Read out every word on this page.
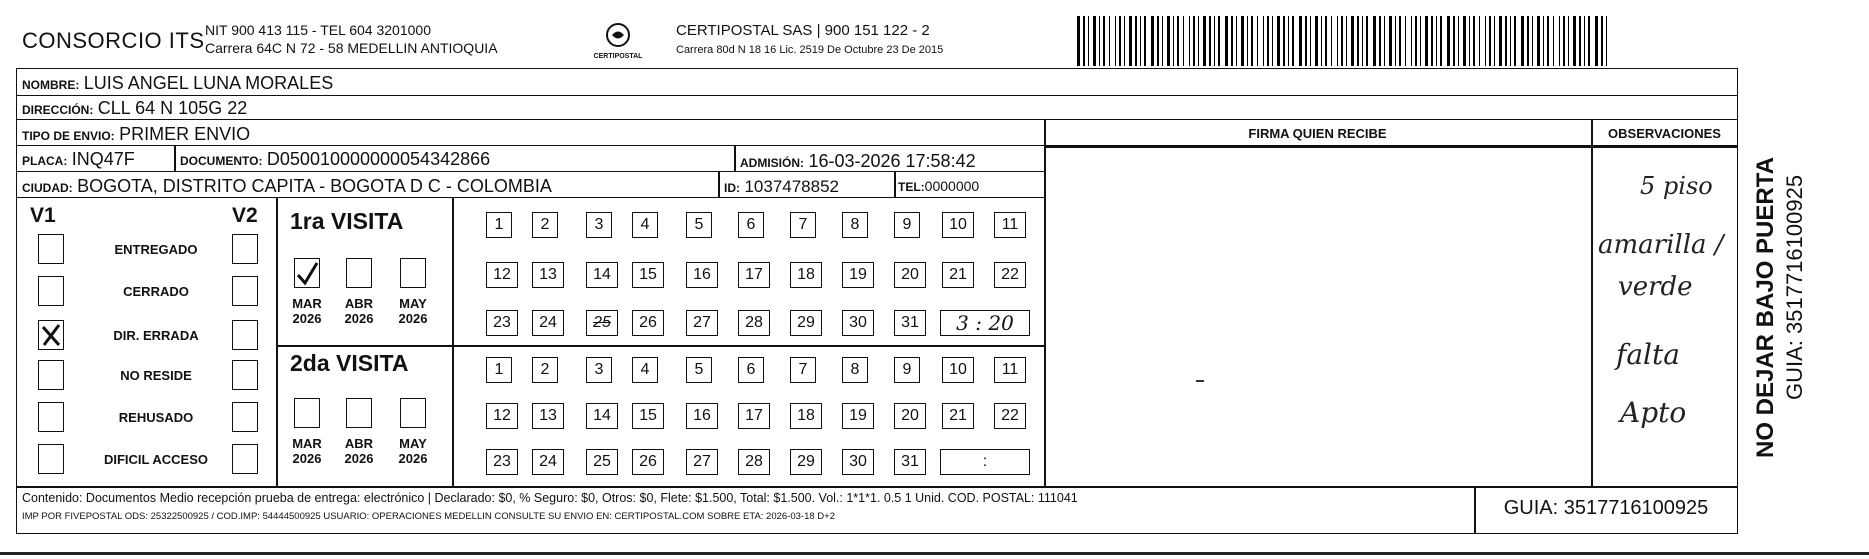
CONSORCIO ITS NIT 900 413 115 - TEL 604 3201000
Carrera 64C N 72 - 58 MEDELLIN ANTIOQUIA
CERTIPOSTAL
CERTIPOSTAL SAS | 900 151 122 - 2
Carrera 80d N 18 16 Lic. 2519 De Octubre 23 De 2015
NOMBRE: LUIS ANGEL LUNA MORALES
DIRECCIÓN: CLL 64 N 105G 22
TIPO DE ENVIO: PRIMER ENVIO
PLACA: INQ47F	DOCUMENTO: D050010000000054342866	ADMISIÓN: 16-03-2026 17:58:42
CIUDAD: BOGOTA, DISTRITO CAPITA - BOGOTA D C - COLOMBIA	ID: 1037478852	TEL:0000000
FIRMA QUIEN RECIBE	OBSERVACIONES
5 piso
amarilla /
verde
falta
Apto
V1	V2
ENTREGADO
CERRADO
DIR. ERRADA
NO RESIDE
REHUSADO
DIFICIL ACCESO
1ra VISITA
2da VISITA
MAR
2026
ABR
2026
MAY
2026
MAR
2026
ABR
2026
MAY
2026
1	2	3	4	5	6	7	8	9	10	11
12	13	14	15	16	17	18	19	20	21	22
23	24	25	26	27	28	29	30	31	3 : 20
1	2	3	4	5	6	7	8	9	10	11
12	13	14	15	16	17	18	19	20	21	22
23	24	25	26	27	28	29	30	31	:
Contenido: Documentos Medio recepción prueba de entrega: electrónico | Declarado: $0, % Seguro: $0, Otros: $0, Flete: $1.500, Total: $1.500. Vol.: 1*1*1. 0.5 1 Unid. COD. POSTAL: 111041
IMP POR FIVEPOSTAL ODS: 25322500925 / COD.IMP: 54444500925 USUARIO: OPERACIONES MEDELLIN CONSULTE SU ENVIO EN: CERTIPOSTAL.COM SOBRE ETA: 2026-03-18 D+2	GUIA: 3517716100925
NO DEJAR BAJO PUERTA GUIA: 3517716100925
